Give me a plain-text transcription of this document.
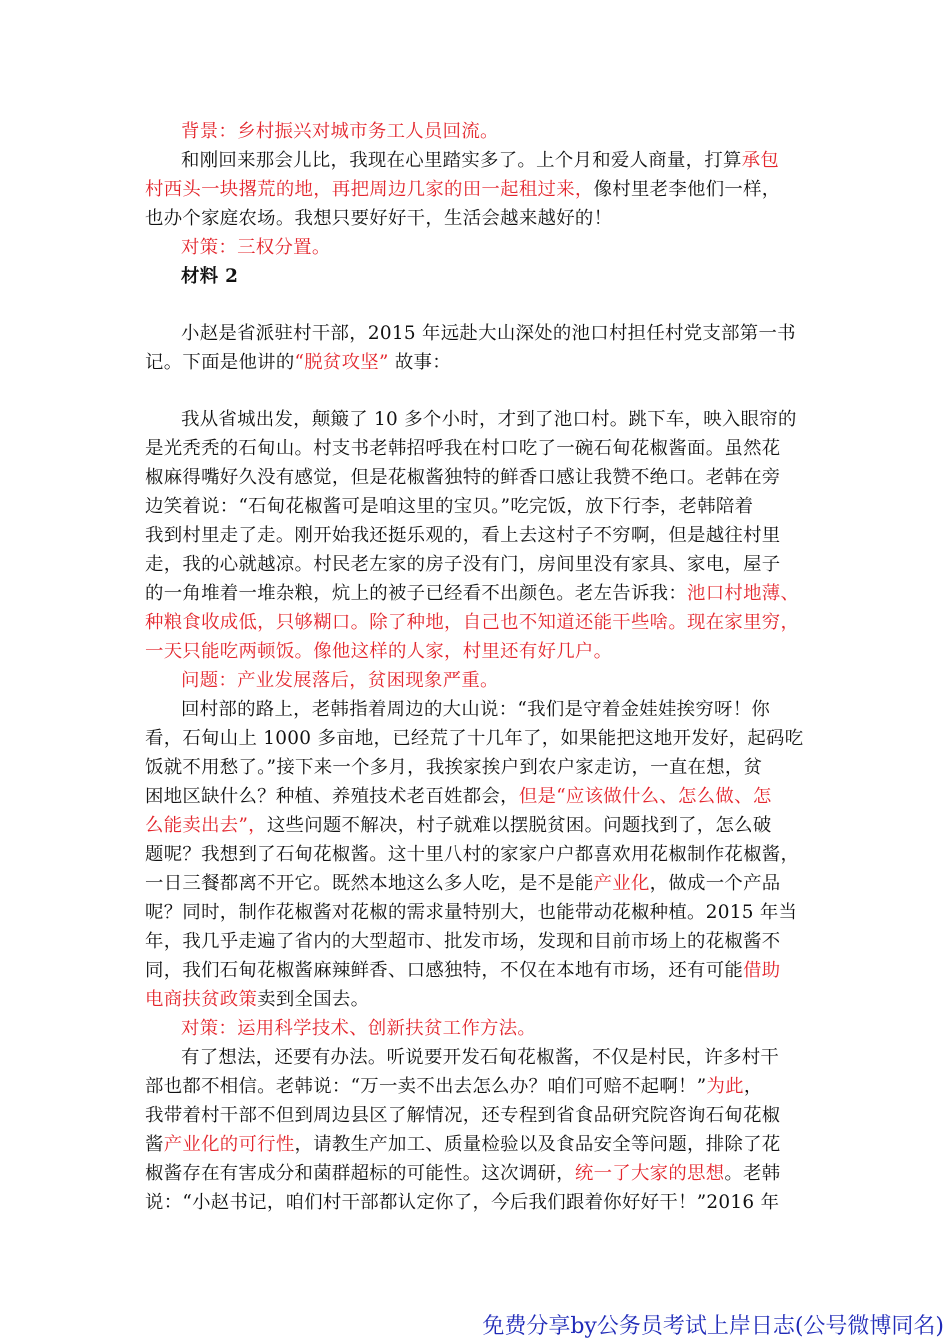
背景：乡村振兴对城市务工人员回流。
和刚回来那会儿比，我现在心里踏实多了。上个月和爱人商量，打算承包
村西头一块撂荒的地，再把周边几家的田一起租过来，像村里老李他们一样，
也办个家庭农场。我想只要好好干，生活会越来越好的！
对策：三权分置。
材料 2
小赵是省派驻村干部，2015 年远赴大山深处的池口村担任村党支部第一书
记。下面是他讲的“脱贫攻坚” 故事：
我从省城出发，颠簸了 10 多个小时，才到了池口村。跳下车，映入眼帘的
是光秃秃的石甸山。村支书老韩招呼我在村口吃了一碗石甸花椒酱面。虽然花
椒麻得嘴好久没有感觉，但是花椒酱独特的鲜香口感让我赞不绝口。老韩在旁
边笑着说：“石甸花椒酱可是咱这里的宝贝。”吃完饭，放下行李，老韩陪着
我到村里走了走。刚开始我还挺乐观的，看上去这村子不穷啊，但是越往村里
走，我的心就越凉。村民老左家的房子没有门，房间里没有家具、家电，屋子
的一角堆着一堆杂粮，炕上的被子已经看不出颜色。老左告诉我：池口村地薄、
种粮食收成低，只够糊口。除了种地，自己也不知道还能干些啥。现在家里穷，
一天只能吃两顿饭。像他这样的人家，村里还有好几户。
问题：产业发展落后，贫困现象严重。
回村部的路上，老韩指着周边的大山说：“我们是守着金娃娃挨穷呀！你
看，石甸山上 1000 多亩地，已经荒了十几年了，如果能把这地开发好，起码吃
饭就不用愁了。”接下来一个多月，我挨家挨户到农户家走访，一直在想，贫
困地区缺什么？种植、养殖技术老百姓都会，但是“应该做什么、怎么做、怎
么能卖出去”，这些问题不解决，村子就难以摆脱贫困。问题找到了，怎么破
题呢？我想到了石甸花椒酱。这十里八村的家家户户都喜欢用花椒制作花椒酱，
一日三餐都离不开它。既然本地这么多人吃，是不是能产业化，做成一个产品
呢？同时，制作花椒酱对花椒的需求量特别大，也能带动花椒种植。2015 年当
年，我几乎走遍了省内的大型超市、批发市场，发现和目前市场上的花椒酱不
同，我们石甸花椒酱麻辣鲜香、口感独特，不仅在本地有市场，还有可能借助
电商扶贫政策卖到全国去。
对策：运用科学技术、创新扶贫工作方法。
有了想法，还要有办法。听说要开发石甸花椒酱，不仅是村民，许多村干
部也都不相信。老韩说：“万一卖不出去怎么办？咱们可赔不起啊！”为此，
我带着村干部不但到周边县区了解情况，还专程到省食品研究院咨询石甸花椒
酱产业化的可行性，请教生产加工、质量检验以及食品安全等问题，排除了花
椒酱存在有害成分和菌群超标的可能性。这次调研，统一了大家的思想。老韩
说：“小赵书记，咱们村干部都认定你了，今后我们跟着你好好干！”2016 年
免费分享by公务员考试上岸日志(公号微博同名)
